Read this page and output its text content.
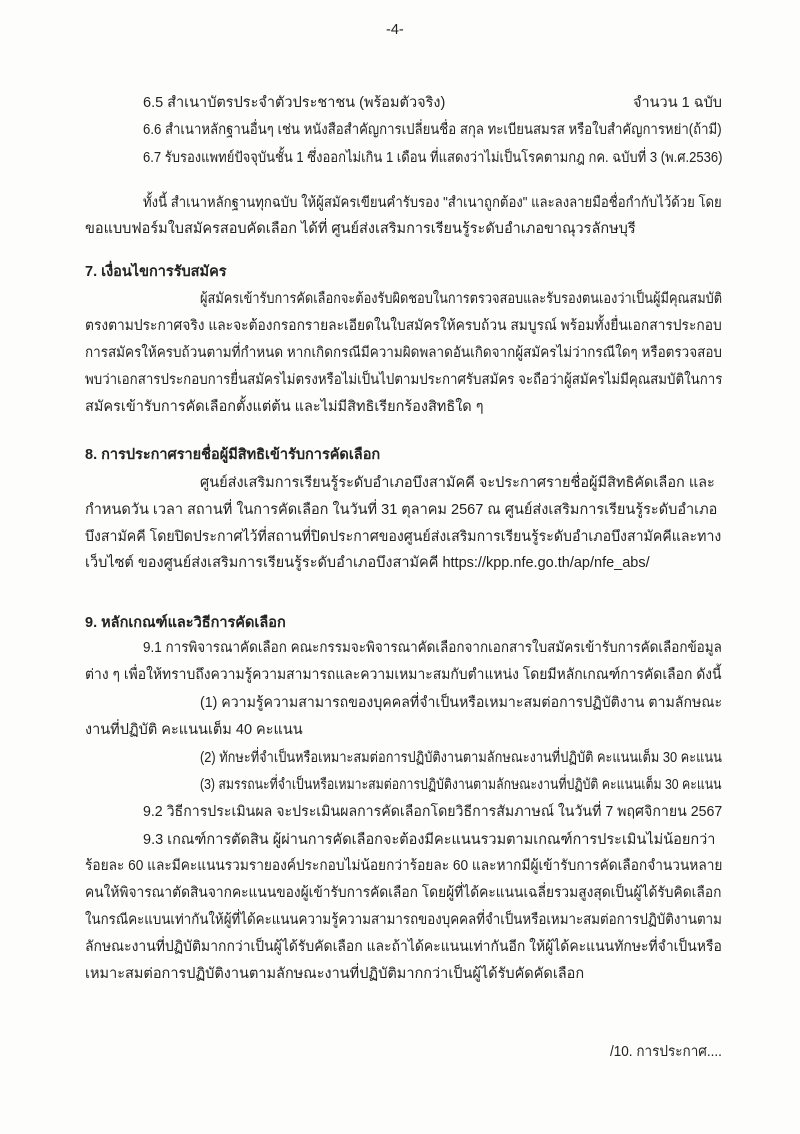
-4-
6.5 สำเนาบัตรประจำตัวประชาชน (พร้อมตัวจริง)	จำนวน 1 ฉบับ
6.6 สำเนาหลักฐานอื่นๆ เช่น หนังสือสำคัญการเปลี่ยนชื่อ สกุล ทะเบียนสมรส หรือใบสำคัญการหย่า(ถ้ามี)
6.7 รับรองแพทย์ปัจจุบันชั้น 1 ซึ่งออกไม่เกิน 1 เดือน ที่แสดงว่าไม่เป็นโรคตามกฎ กค. ฉบับที่ 3 (พ.ศ.2536)
ทั้งนี้ สำเนาหลักฐานทุกฉบับ ให้ผู้สมัครเขียนคำรับรอง "สำเนาถูกต้อง" และลงลายมือชื่อกำกับไว้ด้วย โดย
ขอแบบฟอร์มใบสมัครสอบคัดเลือก ได้ที่ ศูนย์ส่งเสริมการเรียนรู้ระดับอำเภอขาณุวรลักษบุรี
7. เงื่อนไขการรับสมัคร
ผู้สมัครเข้ารับการคัดเลือกจะต้องรับผิดชอบในการตรวจสอบและรับรองตนเองว่าเป็นผู้มีคุณสมบัติ
ตรงตามประกาศจริง และจะต้องกรอกรายละเอียดในใบสมัครให้ครบถ้วน สมบูรณ์ พร้อมทั้งยื่นเอกสารประกอบ
การสมัครให้ครบถ้วนตามที่กำหนด หากเกิดกรณีมีความผิดพลาดอันเกิดจากผู้สมัครไม่ว่ากรณีใดๆ หรือตรวจสอบ
พบว่าเอกสารประกอบการยื่นสมัครไม่ตรงหรือไม่เป็นไปตามประกาศรับสมัคร จะถือว่าผู้สมัครไม่มีคุณสมบัติในการ
สมัครเข้ารับการคัดเลือกตั้งแต่ต้น และไม่มีสิทธิเรียกร้องสิทธิใด ๆ
8. การประกาศรายชื่อผู้มีสิทธิเข้ารับการคัดเลือก
ศูนย์ส่งเสริมการเรียนรู้ระดับอำเภอบึงสามัคคี จะประกาศรายชื่อผู้มีสิทธิคัดเลือก และ
กำหนดวัน เวลา สถานที่ ในการคัดเลือก ในวันที่ 31 ตุลาคม 2567 ณ ศูนย์ส่งเสริมการเรียนรู้ระดับอำเภอ
บึงสามัคคี โดยปิดประกาศไว้ที่สถานที่ปิดประกาศของศูนย์ส่งเสริมการเรียนรู้ระดับอำเภอบึงสามัคคีและทาง
เว็บไซต์ ของศูนย์ส่งเสริมการเรียนรู้ระดับอำเภอบึงสามัคคี https://kpp.nfe.go.th/ap/nfe_abs/
9. หลักเกณฑ์และวิธีการคัดเลือก
9.1 การพิจารณาคัดเลือก คณะกรรมจะพิจารณาคัดเลือกจากเอกสารใบสมัครเข้ารับการคัดเลือกข้อมูล
ต่าง ๆ เพื่อให้ทราบถึงความรู้ความสามารถและความเหมาะสมกับตำแหน่ง โดยมีหลักเกณฑ์การคัดเลือก ดังนี้
(1) ความรู้ความสามารถของบุคคลที่จำเป็นหรือเหมาะสมต่อการปฏิบัติงาน ตามลักษณะ
งานที่ปฏิบัติ คะแนนเต็ม 40 คะแนน
(2) ทักษะที่จำเป็นหรือเหมาะสมต่อการปฏิบัติงานตามลักษณะงานที่ปฏิบัติ คะแนนเต็ม 30 คะแนน
(3) สมรรถนะที่จำเป็นหรือเหมาะสมต่อการปฏิบัติงานตามลักษณะงานที่ปฏิบัติ คะแนนเต็ม 30 คะแนน
9.2 วิธีการประเมินผล จะประเมินผลการคัดเลือกโดยวิธีการสัมภาษณ์ ในวันที่ 7 พฤศจิกายน 2567
9.3 เกณฑ์การตัดสิน ผู้ผ่านการคัดเลือกจะต้องมีคะแนนรวมตามเกณฑ์การประเมินไม่น้อยกว่า
ร้อยละ 60 และมีคะแนนรวมรายองค์ประกอบไม่น้อยกว่าร้อยละ 60 และหากมีผู้เข้ารับการคัดเลือกจำนวนหลาย
คนให้พิจารณาตัดสินจากคะแนนของผู้เข้ารับการคัดเลือก โดยผู้ที่ได้คะแนนเฉลี่ยรวมสูงสุดเป็นผู้ได้รับคิดเลือก
ในกรณีคะแบนเท่ากันให้ผู้ที่ได้คะแนนความรู้ความสามารถของบุคคลที่จำเป็นหรือเหมาะสมต่อการปฏิบัติงานตาม
ลักษณะงานที่ปฏิบัติมากกว่าเป็นผู้ได้รับคัดเลือก และถ้าได้คะแนนเท่ากันอีก ให้ผู้ได้คะแนนทักษะที่จำเป็นหรือ
เหมาะสมต่อการปฏิบัติงานตามลักษณะงานที่ปฏิบัติมากกว่าเป็นผู้ได้รับคัดคัดเลือก
/10. การประกาศ....
